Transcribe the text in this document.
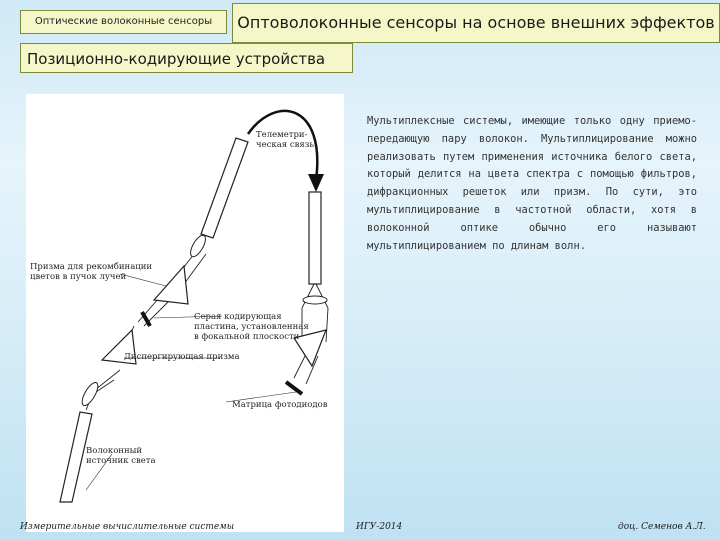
Оптические волоконные сенсоры	Оптоволоконные сенсоры на основе внешних эффектов
Позиционно-кодирующие устройства
Телеметри-
ческая связь
Призма для рекомбинации
цветов в пучок лучей
Серая кодирующая
пластина, установленная
в фокальной плоскости
Диспергирующая призма
Матрица фотодиодов
Волоконный
источник света
Мультиплексные системы, имеющие только одну приемо-передающую пару волокон. Мультиплицирование можно реализовать путем применения источника белого света, который делится на цвета спектра с помощью фильтров, дифракционных решеток или призм. По сути, это мультиплицирование в частотной области, хотя в волоконной оптике обычно его называют мультиплицированием по длинам волн.
Измерительные вычислительные системы	ИГУ-2014	доц. Семенов А.Л.
